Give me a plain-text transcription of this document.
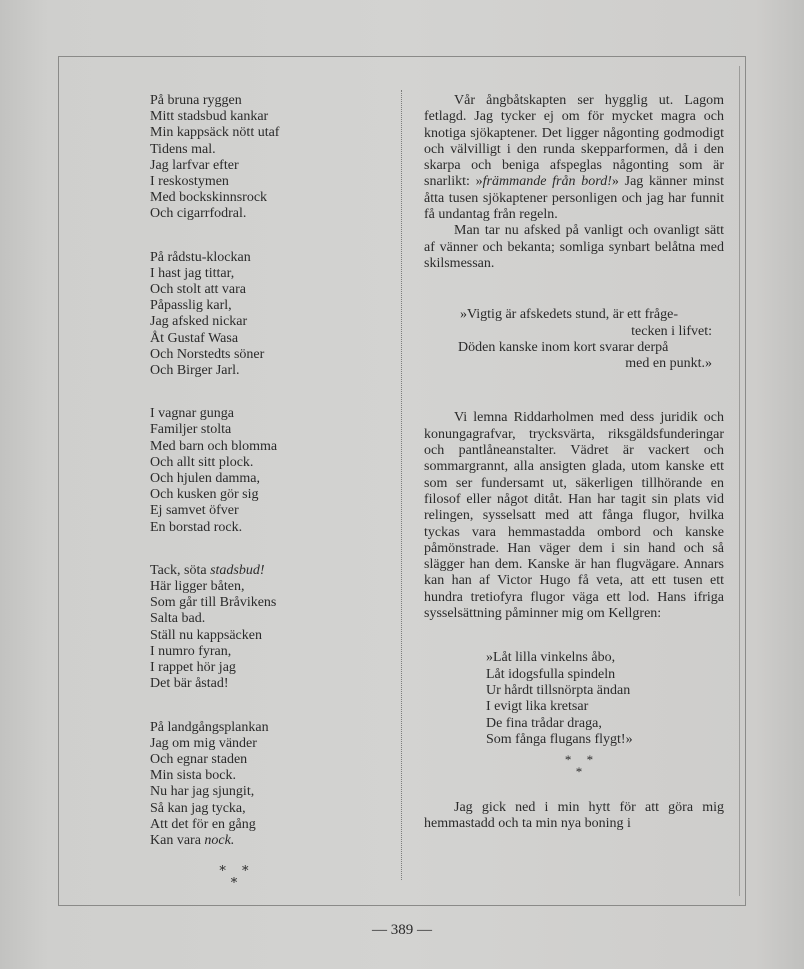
På bruna ryggen
Mitt stadsbud kankar
Min kappsäck nött utaf
Tidens mal.
Jag larfvar efter
I reskostymen
Med bockskinnsrock
Och cigarrfodral.
På rådstu-klockan
I hast jag tittar,
Och stolt att vara
Påpasslig karl,
Jag afsked nickar
Åt Gustaf Wasa
Och Norstedts söner
Och Birger Jarl.
I vagnar gunga
Familjer stolta
Med barn och blomma
Och allt sitt plock.
Och hjulen damma,
Och kusken gör sig
Ej samvet öfver
En borstad rock.
Tack, söta stadsbud!
Här ligger båten,
Som går till Bråvikens
Salta bad.
Ställ nu kappsäcken
I numro fyran,
I rappet hör jag
Det bär åstad!
På landgångsplankan
Jag om mig vänder
Och egnar staden
Min sista bock.
Nu har jag sjungit,
Så kan jag tycka,
Att det för en gång
Kan vara nock.
* *
*

Vår ångbåtskapten ser hygglig ut. Lagom fetlagd. Jag tycker ej om för mycket magra och knotiga sjökaptener. Det ligger någonting godmodigt och välvilligt i den runda skepparformen, då i den skarpa och beniga afspeglas någonting som är snarlikt: »främmande från bord!» Jag känner minst åtta tusen sjökaptener personligen och jag har funnit få undantag från regeln.

Man tar nu afsked på vanligt och ovanligt sätt af vänner och bekanta; somliga synbart belåtna med skilsmessan.

»Vigtig är afskedets stund, är ett fråge-
tecken i lifvet:
Döden kanske inom kort svarar derpå
med en punkt.»

Vi lemna Riddarholmen med dess juridik och konungagrafvar, trycksvärta, riksgäldsfunderingar och pantlåneanstalter. Vädret är vackert och sommargrannt, alla ansigten glada, utom kanske ett som ser fundersamt ut, säkerligen tillhörande en filosof eller något ditåt. Han har tagit sin plats vid relingen, sysselsatt med att fånga flugor, hvilka tyckas vara hemmastadda ombord och kanske påmönstrade. Han väger dem i sin hand och så slägger han dem. Kanske är han flugvägare. Annars kan han af Victor Hugo få veta, att ett tusen ett hundra tretiofyra flugor väga ett lod. Hans ifriga sysselsättning påminner mig om Kellgren:

»Låt lilla vinkelns åbo,
Låt idogsfulla spindeln
Ur hårdt tillsnörpta ändan
I evigt lika kretsar
De fina trådar draga,
Som fånga flugans flygt!»
* *
*

Jag gick ned i min hytt för att göra mig hemmastadd och ta min nya boning i

— 389 —
